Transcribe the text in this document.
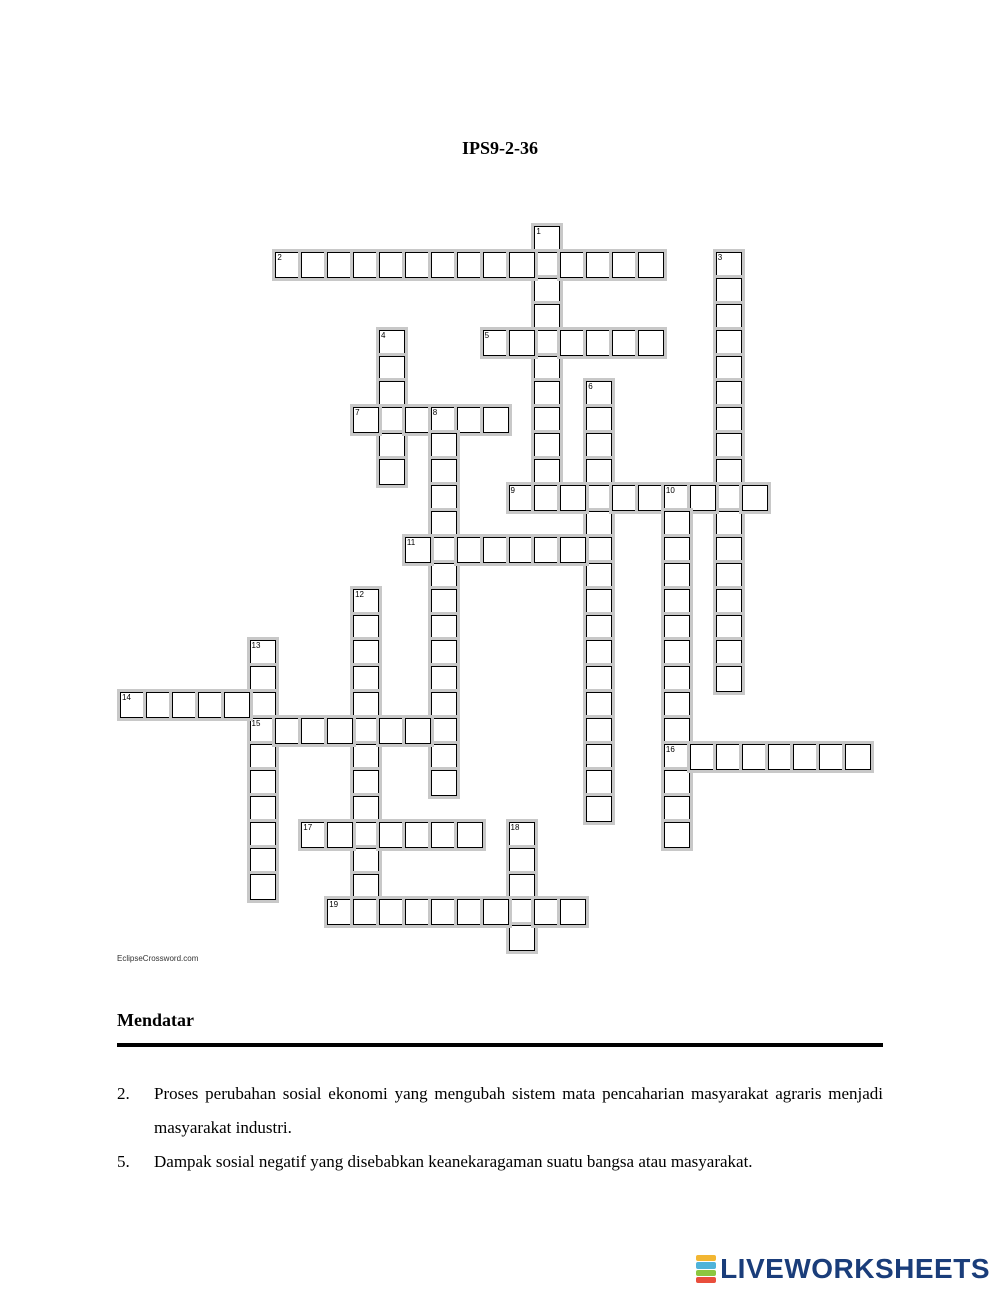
IPS9-2-36
1
2	3
4	5
6
7	8
9	10
16
11
12
13
15
14
17	18
19
EclipseCrossword.com
Mendatar
2.	Proses perubahan sosial ekonomi yang mengubah sistem mata pencaharian masyarakat agraris menjadi masyarakat industri.
5.	Dampak sosial negatif yang disebabkan keanekaragaman suatu bangsa atau masyarakat.
LIVEWORKSHEETS
